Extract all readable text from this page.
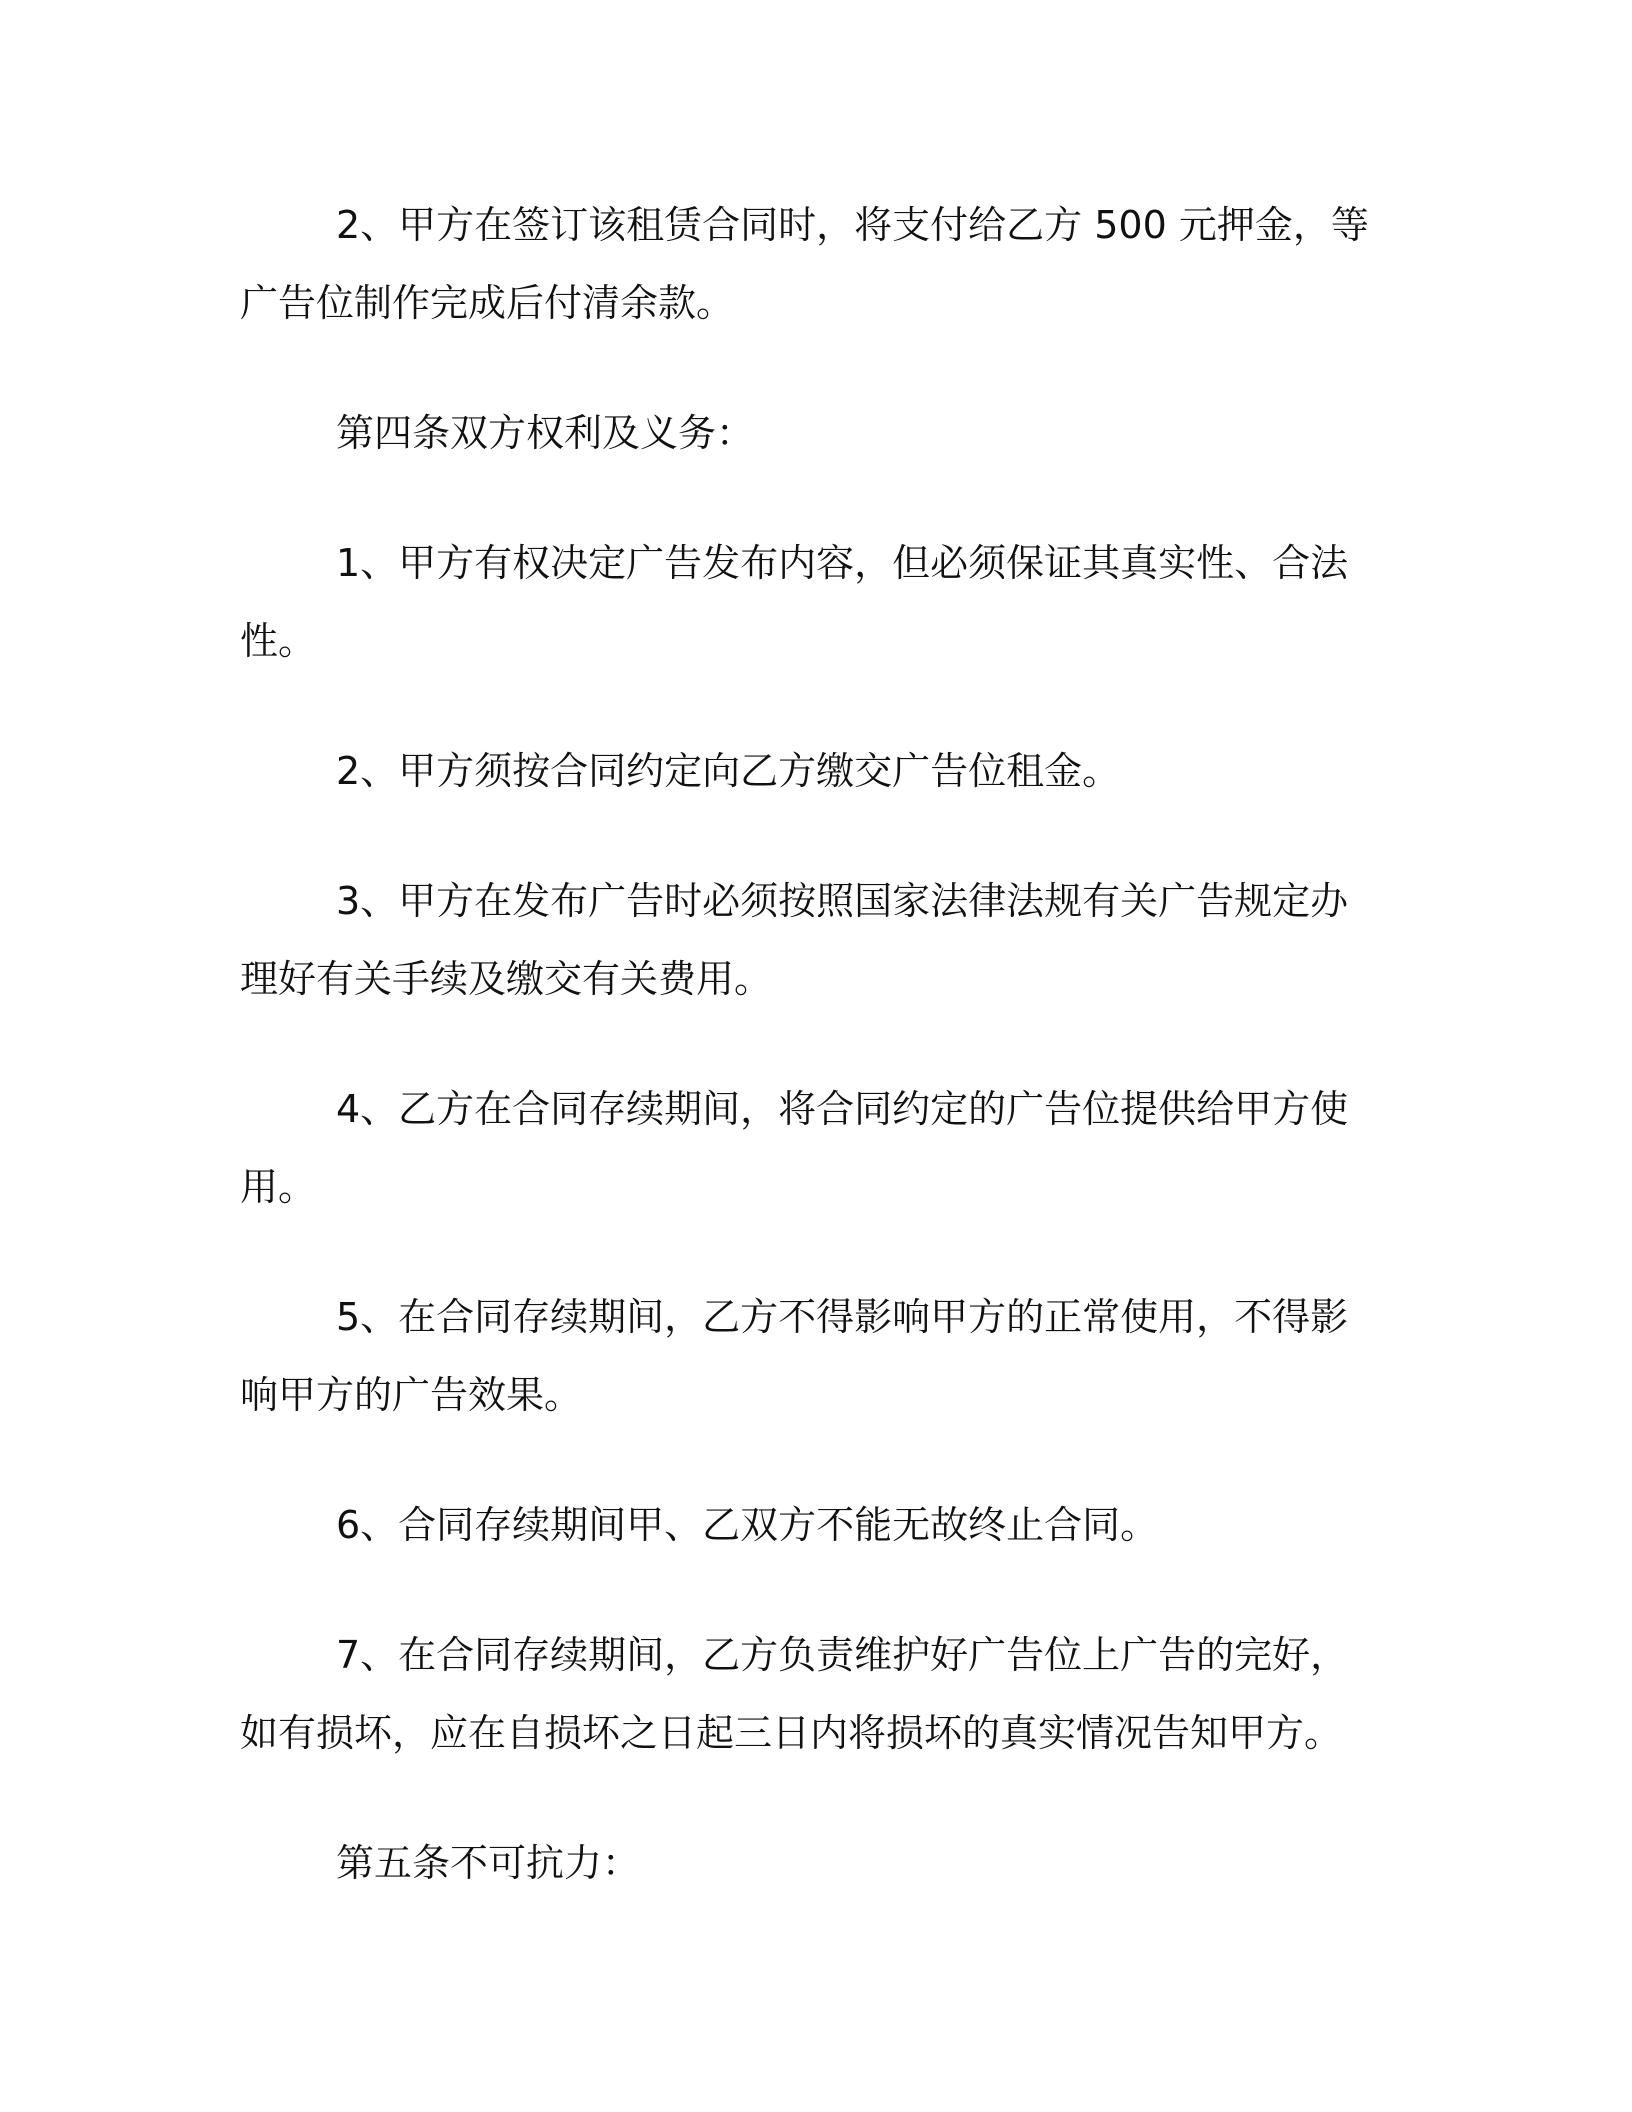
2、甲方在签订该租赁合同时，将支付给乙方 500 元押金，等广告位制作完成后付清余款。

第四条双方权利及义务：

1、甲方有权决定广告发布内容，但必须保证其真实性、合法性。

2、甲方须按合同约定向乙方缴交广告位租金。

3、甲方在发布广告时必须按照国家法律法规有关广告规定办理好有关手续及缴交有关费用。

4、乙方在合同存续期间，将合同约定的广告位提供给甲方使用。

5、在合同存续期间，乙方不得影响甲方的正常使用，不得影响甲方的广告效果。

6、合同存续期间甲、乙双方不能无故终止合同。

7、在合同存续期间，乙方负责维护好广告位上广告的完好，如有损坏，应在自损坏之日起三日内将损坏的真实情况告知甲方。

第五条不可抗力：
